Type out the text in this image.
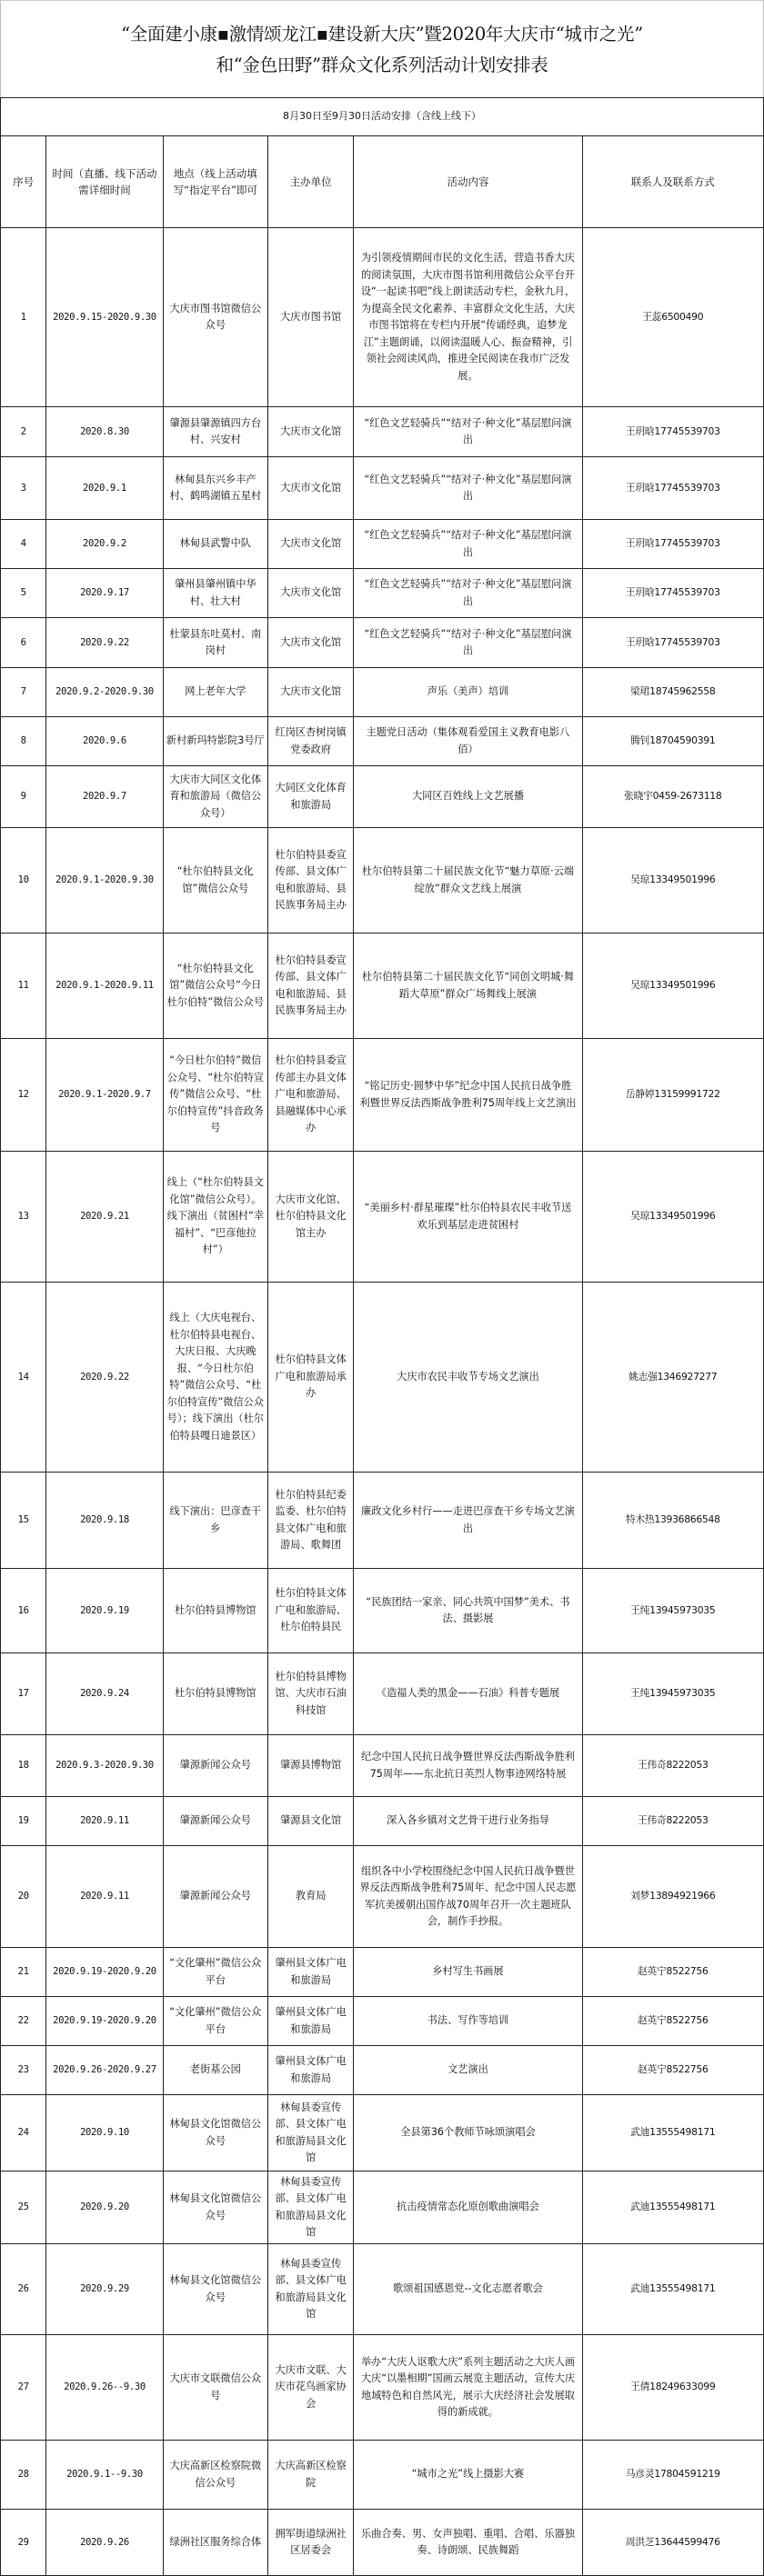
“全面建小康▪激情颂龙江▪建设新大庆”暨2020年大庆市“城市之光”
和“金色田野”群众文化系列活动计划安排表
8月30日至9月30日活动安排（含线上线下）					
序号	时间（直播、线下活动需详细时间	地点（线上活动填写“指定平台”即可	主办单位	活动内容	联系人及联系方式
1	2020.9.15-2020.9.30	大庆市图书馆微信公众号	大庆市图书馆	为引领疫情期间市民的文化生活，营造书香大庆的阅读氛围，大庆市图书馆利用微信公众平台开设“一起读书吧”线上朗读活动专栏，金秋九月，为提高全民文化素养、丰富群众文化生活，大庆市图书馆将在专栏内开展“传诵经典，追梦龙江”主题朗诵，以阅读温暖人心、振奋精神，引领社会阅读风尚，推进全民阅读在我市广泛发展。	王蕊6500490
2	2020.8.30	肇源县肇源镇四方台村、兴安村	大庆市文化馆	“红色文艺轻骑兵”“结对子·种文化”基层慰问演出	王玥晗17745539703
3	2020.9.1	林甸县东兴乡丰产村、鹤鸣湖镇五星村	大庆市文化馆	“红色文艺轻骑兵”“结对子·种文化”基层慰问演出	王玥晗17745539703
4	2020.9.2	林甸县武警中队	大庆市文化馆	“红色文艺轻骑兵”“结对子·种文化”基层慰问演出	王玥晗17745539703
5	2020.9.17	肇州县肇州镇中华村、壮大村	大庆市文化馆	“红色文艺轻骑兵”“结对子·种文化”基层慰问演出	王玥晗17745539703
6	2020.9.22	杜蒙县东吐莫村、南岗村	大庆市文化馆	“红色文艺轻骑兵”“结对子·种文化”基层慰问演出	王玥晗17745539703
7	2020.9.2-2020.9.30	网上老年大学	大庆市文化馆	声乐（美声）培训	梁珺18745962558
8	2020.9.6	新村新玛特影院3号厅	红岗区杏树岗镇党委政府	主题党日活动（集体观看爱国主义教育电影八佰）	腾钊18704590391
9	2020.9.7	大庆市大同区文化体育和旅游局（微信公众号）	大同区文化体育和旅游局	大同区百姓线上文艺展播	张晓宇0459-2673118
10	2020.9.1-2020.9.30	“杜尔伯特县文化馆”微信公众号	杜尔伯特县委宣传部、县文体广电和旅游局、县民族事务局主办	杜尔伯特县第二十届民族文化节“魅力草原·云端绽放”群众文艺线上展演	吴琼13349501996
11	2020.9.1-2020.9.11	“杜尔伯特县文化馆”微信公众号“今日杜尔伯特”微信公众号	杜尔伯特县委宣传部、县文体广电和旅游局、县民族事务局主办	杜尔伯特县第二十届民族文化节“同创文明城·舞蹈大草原”群众广场舞线上展演	吴琼13349501996
12	2020.9.1-2020.9.7	“今日杜尔伯特”微信公众号、“杜尔伯特宣传”微信公众号、“杜尔伯特宣传”抖音政务号	杜尔伯特县委宣传部主办县文体广电和旅游局、县融媒体中心承办	“铭记历史·圆梦中华”纪念中国人民抗日战争胜利暨世界反法西斯战争胜利75周年线上文艺演出	岳静婷13159991722
13	2020.9.21	线上（“杜尔伯特县文化馆”微信公众号）。线下演出（贫困村“幸福村”、“巴彦他拉村”）	大庆市文化馆、杜尔伯特县文化馆主办	“美丽乡村·群星璀璨”杜尔伯特县农民丰收节送欢乐到基层走进贫困村	吴琼13349501996
14	2020.9.22	线上（大庆电视台、杜尔伯特县电视台、大庆日报、大庆晚报、“今日杜尔伯特”微信公众号、“杜尔伯特宣传”微信公众号）；线下演出（杜尔伯特县嘎日迪景区）	杜尔伯特县文体广电和旅游局承办	大庆市农民丰收节专场文艺演出	姚志强1346927277
15	2020.9.18	线下演出：巴彦查干乡	杜尔伯特县纪委监委、杜尔伯特县文体广电和旅游局、歌舞团	廉政文化乡村行——走进巴彦查干乡专场文艺演出	特木热13936866548
16	2020.9.19	杜尔伯特县博物馆	杜尔伯特县文体广电和旅游局、杜尔伯特县民	“民族团结一家亲、同心共筑中国梦”美术、书法、摄影展	王纯13945973035
17	2020.9.24	杜尔伯特县博物馆	杜尔伯特县博物馆、大庆市石油科技馆	《造福人类的黑金——石油》科普专题展	王纯13945973035
18	2020.9.3-2020.9.30	肇源新闻公众号	肇源县博物馆	纪念中国人民抗日战争暨世界反法西斯战争胜利75周年——东北抗日英烈人物事迹网络特展	王伟奇8222053
19	2020.9.11	肇源新闻公众号	肇源县文化馆	深入各乡镇对文艺骨干进行业务指导	王伟奇8222053
20	2020.9.11	肇源新闻公众号	教育局	组织各中小学校围绕纪念中国人民抗日战争暨世界反法西斯战争胜利75周年、纪念中国人民志愿军抗美援朝出国作战70周年召开一次主题班队会，制作手抄报。	刘梦13894921966
21	2020.9.19-2020.9.20	“文化肇州”微信公众平台	肇州县文体广电和旅游局	乡村写生书画展	赵英宁8522756
22	2020.9.19-2020.9.20	“文化肇州”微信公众平台	肇州县文体广电和旅游局	书法、写作等培训	赵英宁8522756
23	2020.9.26-2020.9.27	老街基公园	肇州县文体广电和旅游局	文艺演出	赵英宁8522756
24	2020.9.10	林甸县文化馆微信公众号	林甸县委宣传部、县文体广电和旅游局县文化馆	全县第36个教师节咏颂演唱会	武迪13555498171
25	2020.9.20	林甸县文化馆微信公众号	林甸县委宣传部、县文体广电和旅游局县文化馆	抗击疫情常态化原创歌曲演唱会	武迪13555498171
26	2020.9.29	林甸县文化馆微信公众号	林甸县委宣传部、县文体广电和旅游局县文化馆	歌颂祖国感恩党--文化志愿者歌会	武迪13555498171
27	2020.9.26--9.30	大庆市文联微信公众号	大庆市文联、大庆市花鸟画家协会	举办“大庆人讴歌大庆”系列主题活动之大庆人画大庆“以墨相期”国画云展览主题活动，宣传大庆地域特色和自然风光，展示大庆经济社会发展取得的新成就。	王倩18249633099
28	2020.9.1--9.30	大庆高新区检察院微信公众号	大庆高新区检察院	“城市之光”线上摄影大赛	马彦灵17804591219
29	2020.9.26	绿洲社区服务综合体	拥军街道绿洲社区居委会	乐曲合奏、男、女声独唱、重唱、合唱、乐器独奏、诗朗颂、民族舞蹈	周洪芝13644599476
